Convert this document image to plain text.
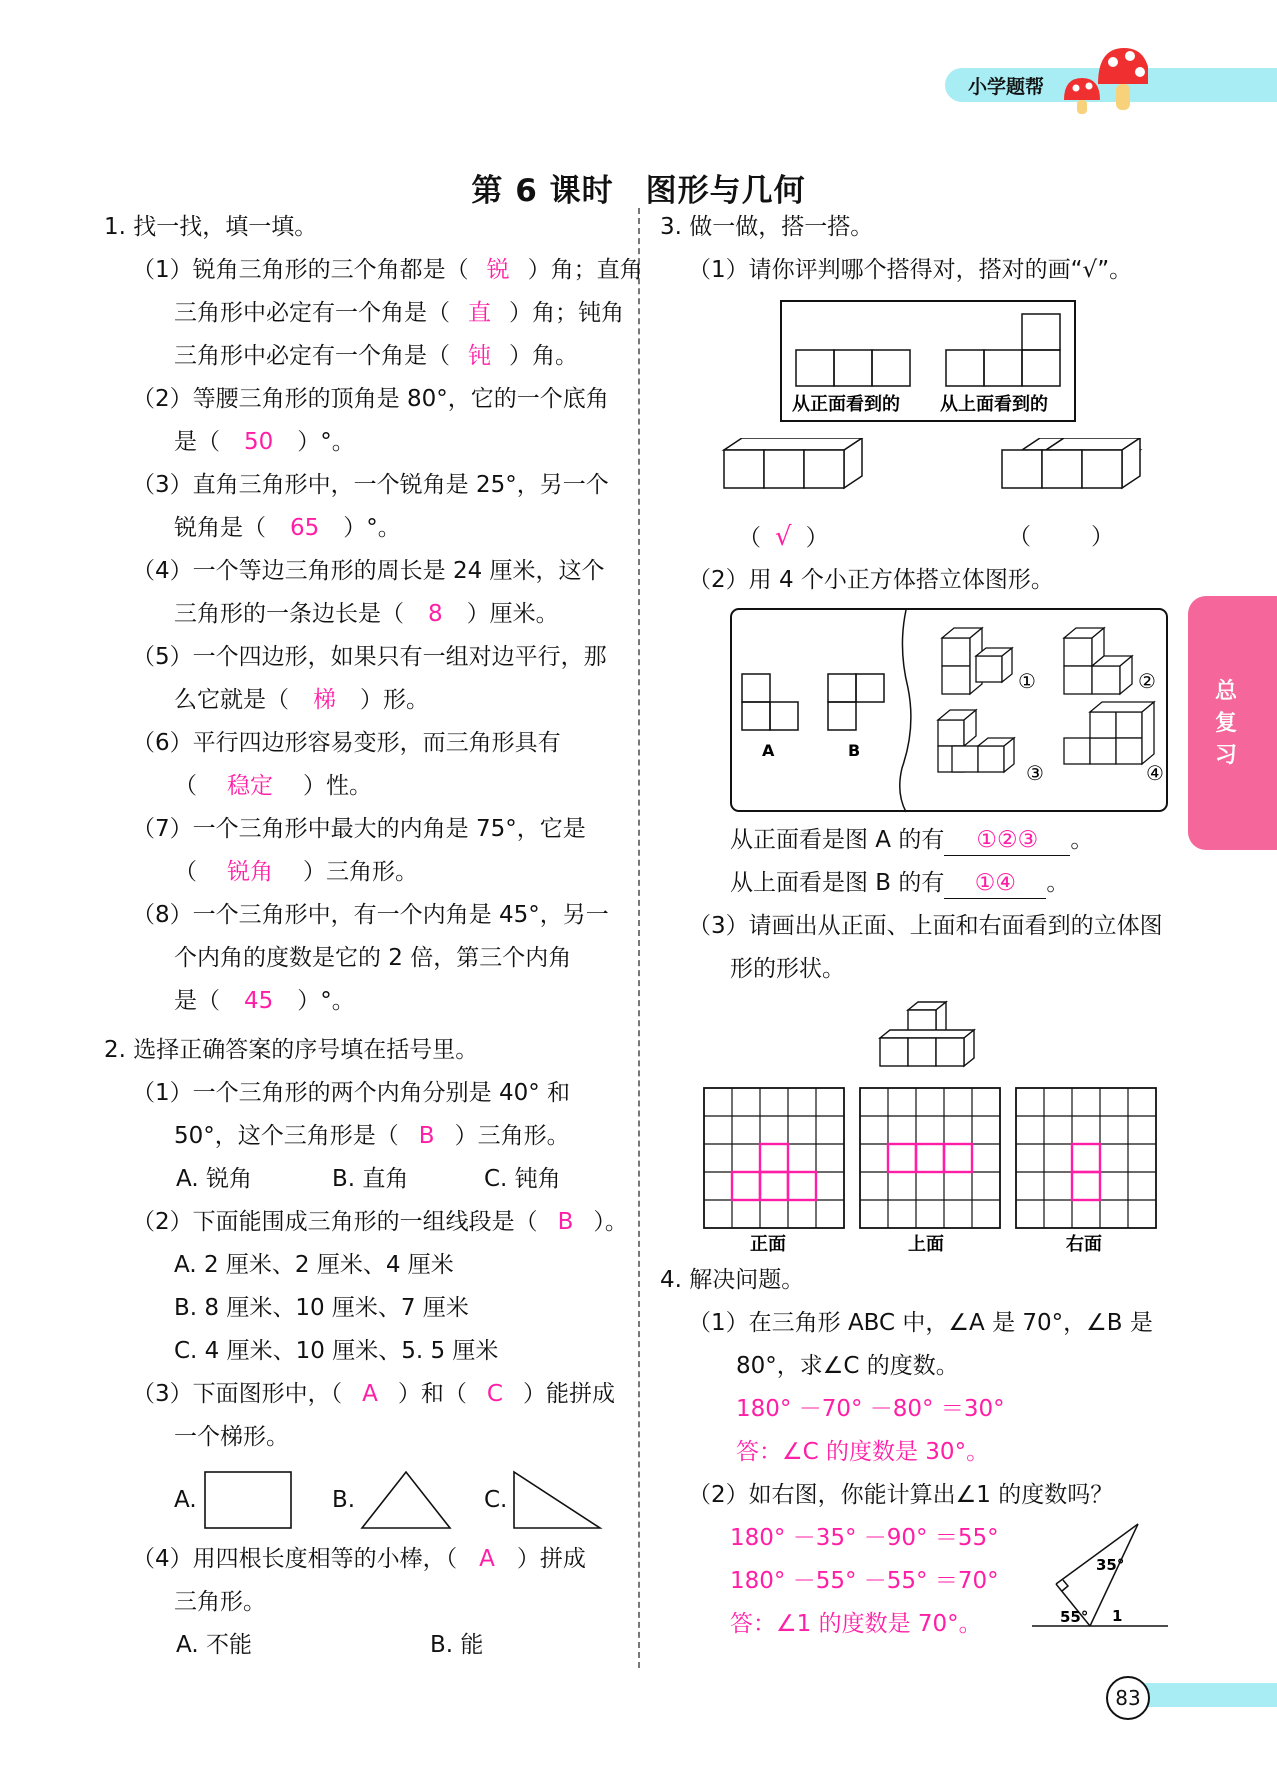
小学题帮
第 6 课时　图形与几何
1. 找一找，填一填。
（1）锐角三角形的三个角都是（ 锐 ）角；直角
三角形中必定有一个角是（ 直 ）角；钝角
三角形中必定有一个角是（ 钝 ）角。
（2）等腰三角形的顶角是 80°，它的一个底角
是（ 50 ）°。
（3）直角三角形中，一个锐角是 25°，另一个
锐角是（ 65 ）°。
（4）一个等边三角形的周长是 24 厘米，这个
三角形的一条边长是（ 8 ）厘米。
（5）一个四边形，如果只有一组对边平行，那
么它就是（ 梯 ）形。
（6）平行四边形容易变形，而三角形具有
（ 稳定 ）性。
（7）一个三角形中最大的内角是 75°，它是
（ 锐角 ）三角形。
（8）一个三角形中，有一个内角是 45°，另一
个内角的度数是它的 2 倍，第三个内角
是（ 45 ）°。
2. 选择正确答案的序号填在括号里。
（1）一个三角形的两个内角分别是 40° 和
50°，这个三角形是（ B ）三角形。
A. 锐角	B. 直角	C. 钝角
（2）下面能围成三角形的一组线段是（ B ）。
A. 2 厘米、2 厘米、4 厘米
B. 8 厘米、10 厘米、7 厘米
C. 4 厘米、10 厘米、5. 5 厘米
（3）下面图形中，（ A ）和（ C ）能拼成
一个梯形。
A.	B.	C.
（4）用四根长度相等的小棒，（ A ）拼成
三角形。
A. 不能	B. 能
3. 做一做，搭一搭。
（1）请你评判哪个搭得对，搭对的画“√”。
从正面看到的 从上面看到的
（ √ ）	（	）
（2）用 4 个小正方体搭立体图形。
A	B
①	②
③	④
从正面看是图 A 的有 ①②③ 。
从上面看是图 B 的有 ①④ 。
（3）请画出从正面、上面和右面看到的立体图
形的形状。
正面	上面	右面
4. 解决问题。
（1）在三角形 ABC 中，∠A 是 70°，∠B 是
80°，求∠C 的度数。
180° －70° －80° ＝30°
答：∠C 的度数是 30°。
（2）如右图，你能计算出∠1 的度数吗？
180° －35° －90° ＝55°
180° －55° －55° ＝70°
答：∠1 的度数是 70°。
35°
55° 1
总
复
习
83
